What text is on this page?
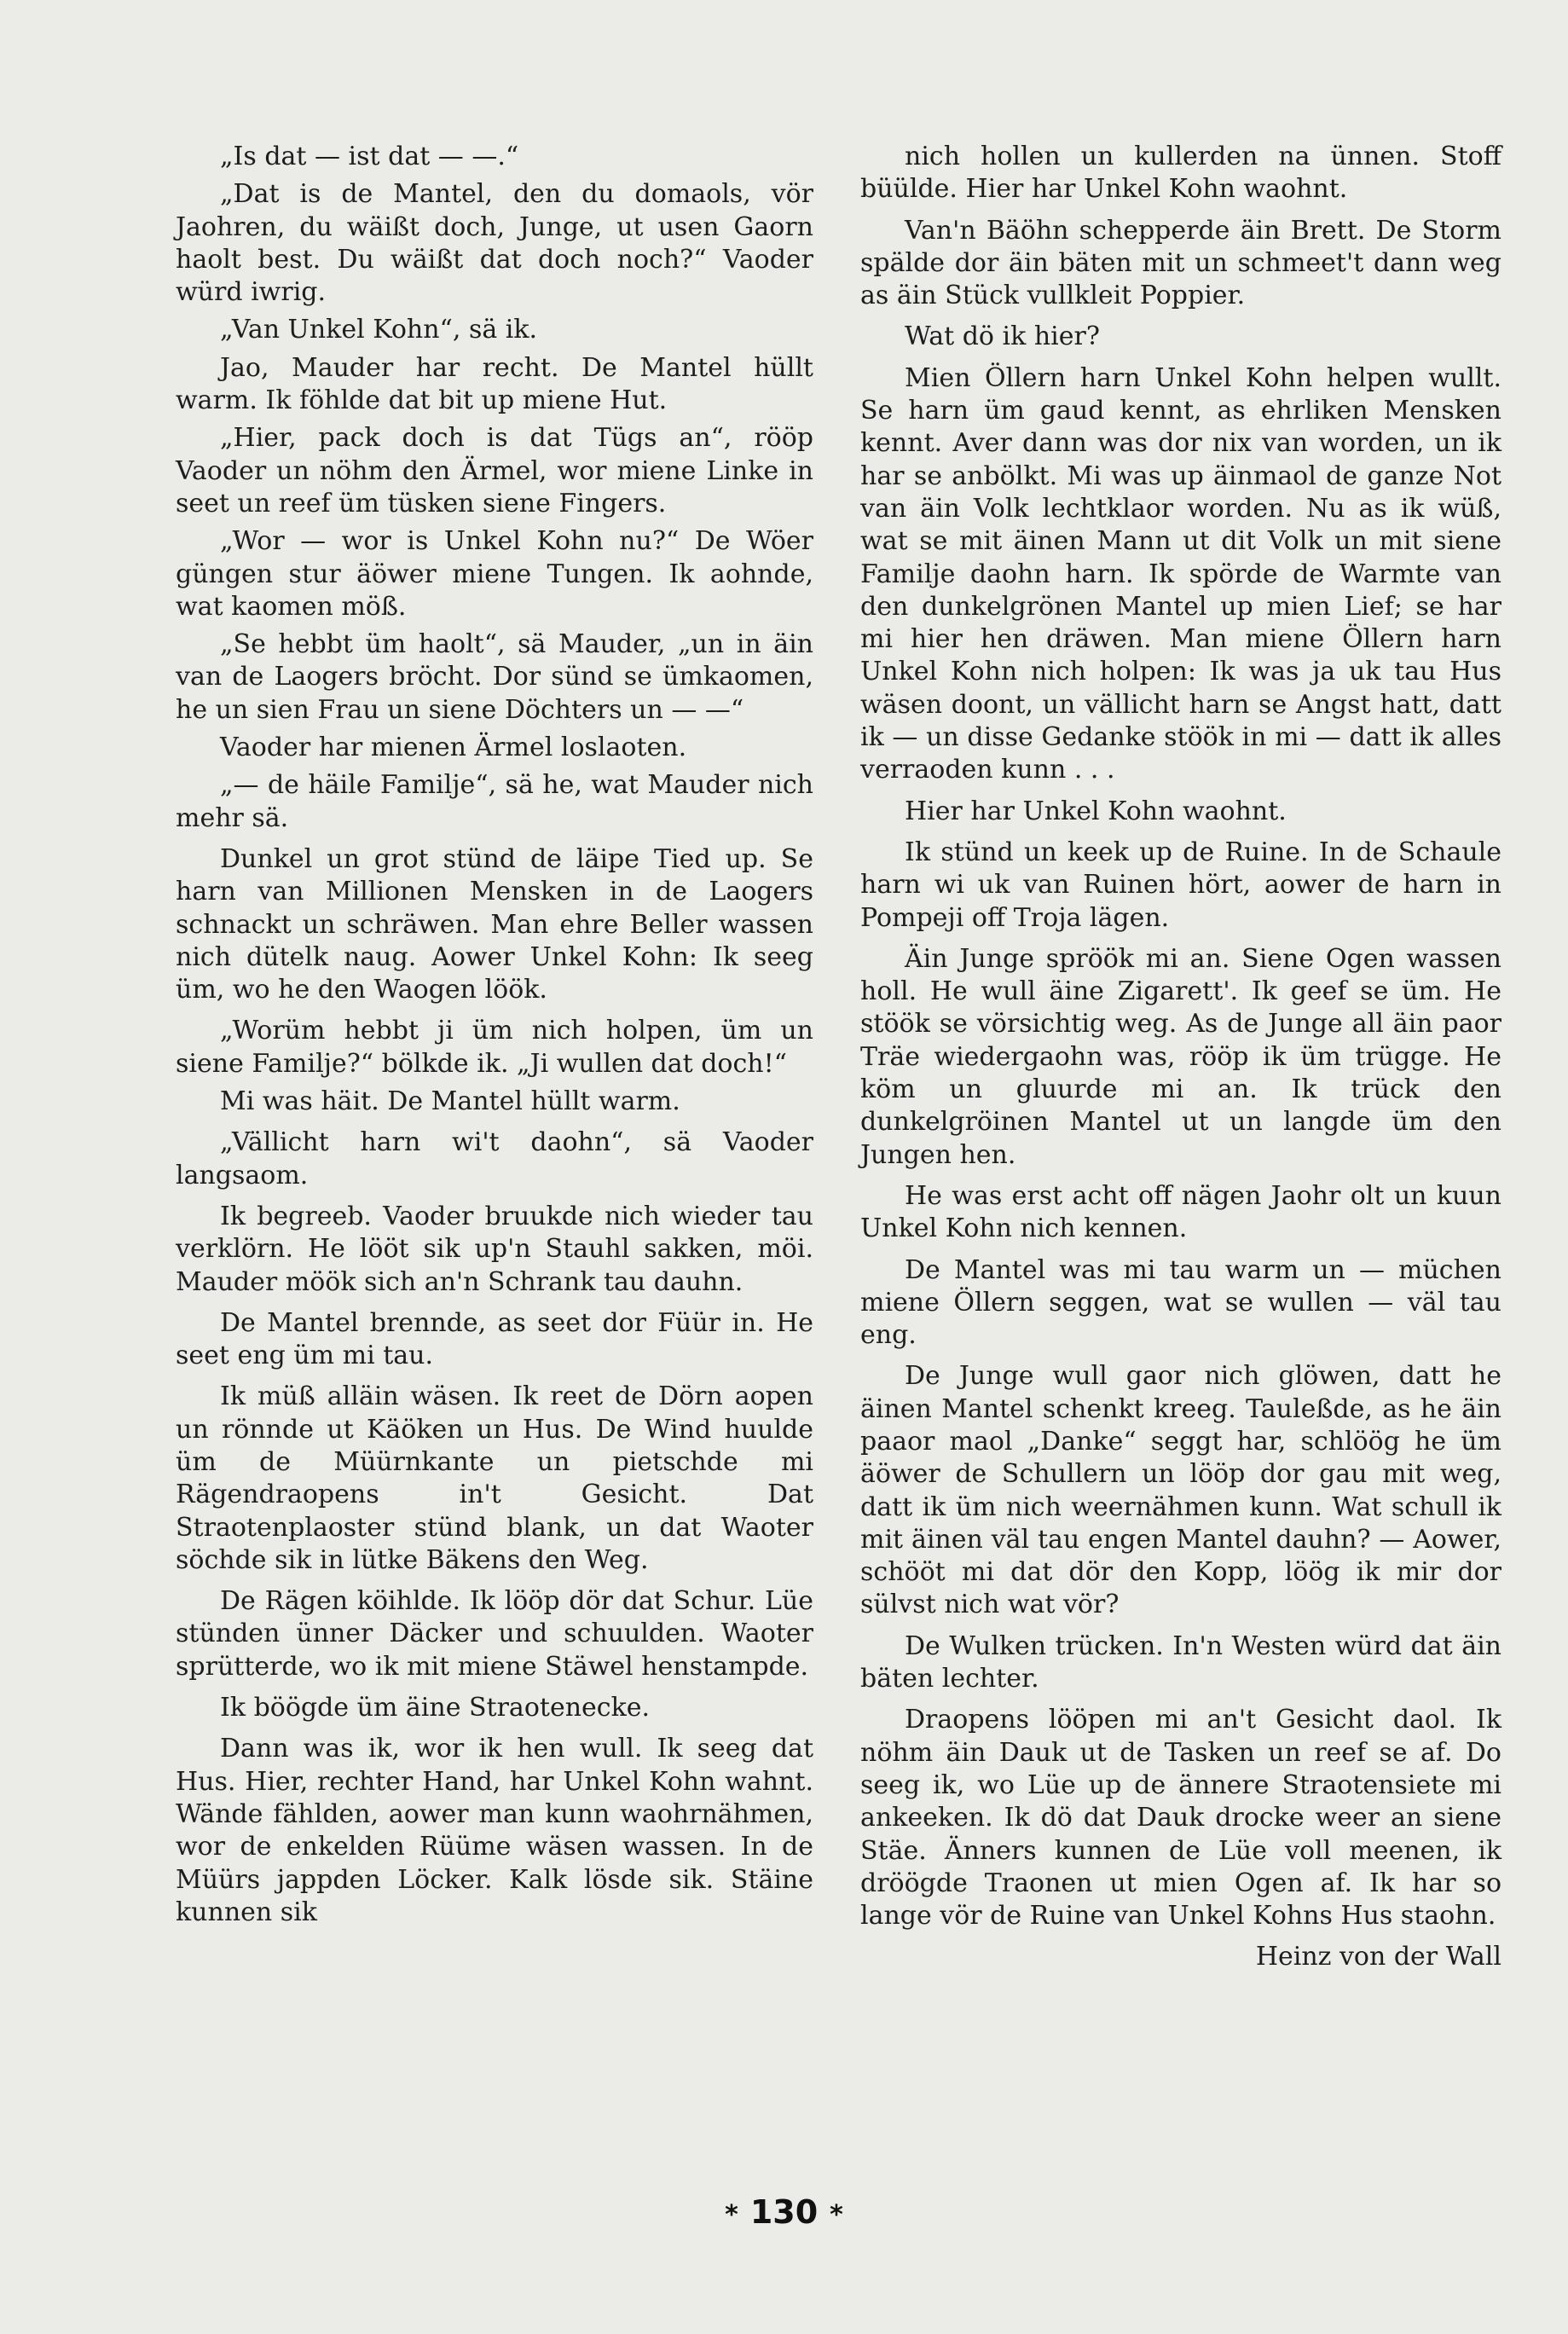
„Is dat — ist dat — —.“

„Dat is de Mantel, den du domaols, vör Jaohren, du wäißt doch, Junge, ut usen Gaorn haolt best. Du wäißt dat doch noch?“ Vaoder würd iwrig.

„Van Unkel Kohn“, sä ik.

Jao, Mauder har recht. De Mantel hüllt warm. Ik föhlde dat bit up miene Hut.

„Hier, pack doch is dat Tügs an“, rööp Vaoder un nöhm den Ärmel, wor miene Linke in seet un reef üm tüsken siene Fingers.

„Wor — wor is Unkel Kohn nu?“ De Wöer güngen stur äöwer miene Tungen. Ik aohnde, wat kaomen möß.

„Se hebbt üm haolt“, sä Mauder, „un in äin van de Laogers bröcht. Dor sünd se ümkaomen, he un sien Frau un siene Döchters un — —“

Vaoder har mienen Ärmel loslaoten.

„— de häile Familje“, sä he, wat Mauder nich mehr sä.

Dunkel un grot stünd de läipe Tied up. Se harn van Millionen Mensken in de Laogers schnackt un schräwen. Man ehre Beller wassen nich dütelk naug. Aower Unkel Kohn: Ik seeg üm, wo he den Waogen löök.

„Worüm hebbt ji üm nich holpen, üm un siene Familje?“ bölkde ik. „Ji wullen dat doch!“

Mi was häit. De Mantel hüllt warm.

„Vällicht harn wi't daohn“, sä Vaoder langsaom.

Ik begreeb. Vaoder bruukde nich wieder tau verklörn. He lööt sik up'n Stauhl sakken, möi. Mauder möök sich an'n Schrank tau dauhn.

De Mantel brennde, as seet dor Füür in. He seet eng üm mi tau.

Ik müß alläin wäsen. Ik reet de Dörn aopen un rönnde ut Käöken un Hus. De Wind huulde üm de Müürnkante un pietschde mi Rägendraopens in't Gesicht. Dat Straotenplaoster stünd blank, un dat Waoter söchde sik in lütke Bäkens den Weg.

De Rägen köihlde. Ik lööp dör dat Schur. Lüe stünden ünner Däcker und schuulden. Waoter sprütterde, wo ik mit miene Stäwel henstampde.

Ik böögde üm äine Straotenecke.

Dann was ik, wor ik hen wull. Ik seeg dat Hus. Hier, rechter Hand, har Unkel Kohn wahnt. Wände fählden, aower man kunn waohrnähmen, wor de enkelden Rüüme wäsen wassen. In de Müürs jappden Löcker. Kalk lösde sik. Stäine kunnen sik

nich hollen un kullerden na ünnen. Stoff büülde. Hier har Unkel Kohn waohnt.

Van'n Bäöhn schepperde äin Brett. De Storm spälde dor äin bäten mit un schmeet't dann weg as äin Stück vullkleit Poppier.

Wat dö ik hier?

Mien Öllern harn Unkel Kohn helpen wullt. Se harn üm gaud kennt, as ehrliken Mensken kennt. Aver dann was dor nix van worden, un ik har se anbölkt. Mi was up äinmaol de ganze Not van äin Volk lechtklaor worden. Nu as ik wüß, wat se mit äinen Mann ut dit Volk un mit siene Familje daohn harn. Ik spörde de Warmte van den dunkelgrönen Mantel up mien Lief; se har mi hier hen dräwen. Man miene Öllern harn Unkel Kohn nich holpen: Ik was ja uk tau Hus wäsen doont, un vällicht harn se Angst hatt, datt ik — un disse Gedanke stöök in mi — datt ik alles verraoden kunn . . .

Hier har Unkel Kohn waohnt.

Ik stünd un keek up de Ruine. In de Schaule harn wi uk van Ruinen hört, aower de harn in Pompeji off Troja lägen.

Äin Junge spröök mi an. Siene Ogen wassen holl. He wull äine Zigarett'. Ik geef se üm. He stöök se vörsichtig weg. As de Junge all äin paor Träe wiedergaohn was, rööp ik üm trügge. He köm un gluurde mi an. Ik trück den dunkelgröinen Mantel ut un langde üm den Jungen hen.

He was erst acht off nägen Jaohr olt un kuun Unkel Kohn nich kennen.

De Mantel was mi tau warm un — müchen miene Öllern seggen, wat se wullen — väl tau eng.

De Junge wull gaor nich glöwen, datt he äinen Mantel schenkt kreeg. Tauleßde, as he äin paaor maol „Danke“ seggt har, schlöög he üm äöwer de Schullern un lööp dor gau mit weg, datt ik üm nich weernähmen kunn. Wat schull ik mit äinen väl tau engen Mantel dauhn? — Aower, schööt mi dat dör den Kopp, löög ik mir dor sülvst nich wat vör?

De Wulken trücken. In'n Westen würd dat äin bäten lechter.

Draopens lööpen mi an't Gesicht daol. Ik nöhm äin Dauk ut de Tasken un reef se af. Do seeg ik, wo Lüe up de ännere Straotensiete mi ankeeken. Ik dö dat Dauk drocke weer an siene Stäe. Änners kunnen de Lüe voll meenen, ik dröögde Traonen ut mien Ogen af. Ik har so lange vör de Ruine van Unkel Kohns Hus staohn.

Heinz von der Wall

* 130 *
